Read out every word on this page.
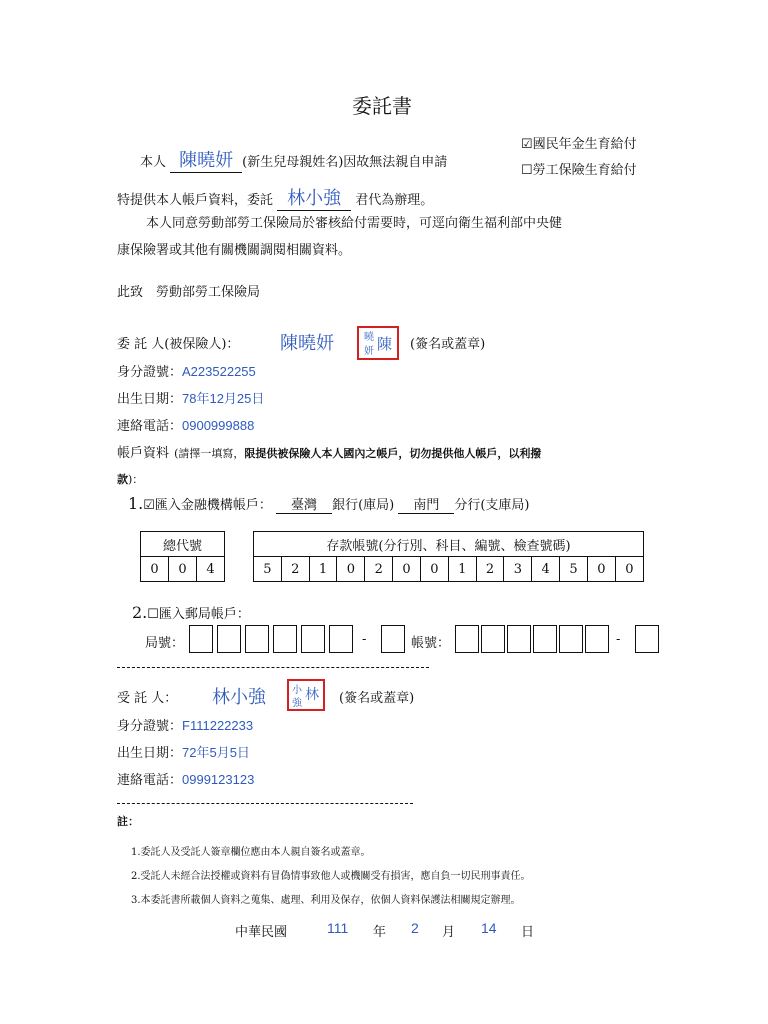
委託書
本人 陳曉妍 (新生兒母親姓名)因故無法親自申請
☑國民年金生育給付
☐勞工保險生育給付
特提供本人帳戶資料，委託 林小強 君代為辦理。
本人同意勞動部勞工保險局於審核給付需要時，可逕向衛生福利部中央健
康保險署或其他有關機關調閱相關資料。
此致　勞動部勞工保險局
委 託 人(被保險人)： 陳曉妍	曉
妍 陳 (簽名或蓋章)
身分證號：A223522255
出生日期：78年12月25日
連絡電話：0900999888
帳戶資料 (請擇一填寫，限提供被保險人本人國內之帳戶，切勿提供他人帳戶，以利撥
款)：
1.☑匯入金融機構帳戶： 臺灣 銀行(庫局) 南門 分行(支庫局)
總代號
0	0	4
存款帳號(分行別、科目、編號、檢查號碼)
5	2	1	0	2	0	0	1	2	3	4	5	0	0
2.☐匯入郵局帳戶：
局號：	-	帳號：	-
受 託 人： 林小強	小
強
林 (簽名或蓋章)
身分證號：F111222233
出生日期：72年5月5日
連絡電話：0999123123
註：
1.委託人及受託人簽章欄位應由本人親自簽名或蓋章。
2.受託人未經合法授權或資料有冒偽情事致他人或機關受有損害，應自負一切民刑事責任。
3.本委託書所載個人資料之蒐集、處理、利用及保存，依個人資料保護法相關規定辦理。
中華民國	111 年 2 月 14 日
